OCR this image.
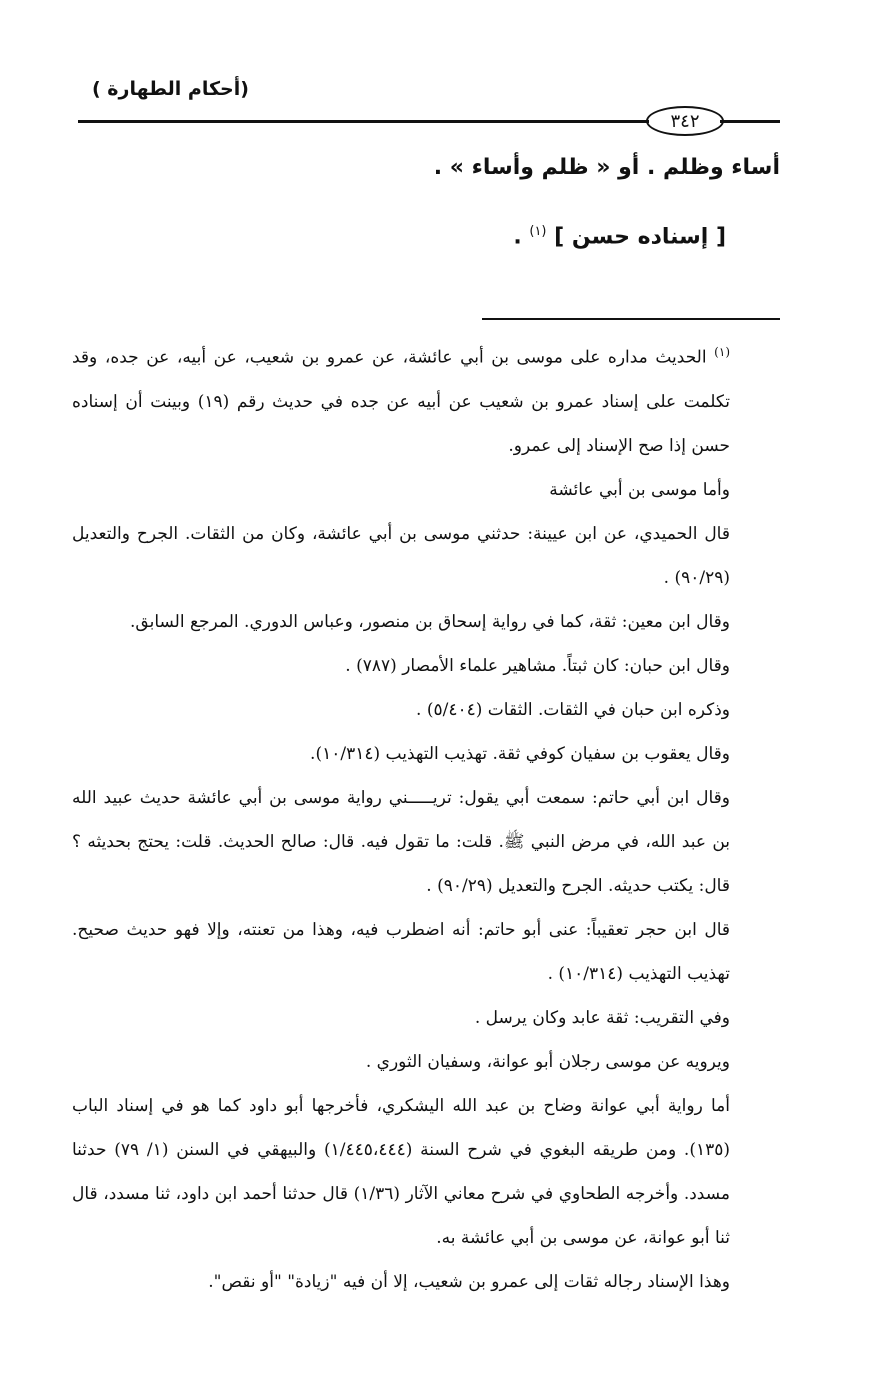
(أحكام الطهارة )
٣٤٢
أساء وظلم . أو « ظلم وأساء » .
[ إسناده حسن ] $^{(١)}$ .

$^{(١)}$ الحديث مداره على موسى بن أبي عائشة، عن عمرو بن شعيب، عن أبيه، عن جده، وقد تكلمت على إسناد عمرو بن شعيب عن أبيه عن جده في حديث رقم (١٩) وبينت أن إسناده حسن إذا صح الإسناد إلى عمرو.

وأما موسى بن أبي عائشة

قال الحميدي، عن ابن عيينة: حدثني موسى بن أبي عائشة، وكان من الثقات. الجرح والتعديل (٩٠/٢٩) .

وقال ابن معين: ثقة، كما في رواية إسحاق بن منصور، وعباس الدوري. المرجع السابق.

وقال ابن حبان: كان ثبتاً. مشاهير علماء الأمصار (٧٨٧) .

وذكره ابن حبان في الثقات. الثقات (٥/٤٠٤) .

وقال يعقوب بن سفيان كوفي ثقة. تهذيب التهذيب (١٠/٣١٤).

وقال ابن أبي حاتم: سمعت أبي يقول: تريـــــني رواية موسى بن أبي عائشة حديث عبيد الله بن عبد الله، في مرض النبي ﷺ. قلت: ما تقول فيه. قال: صالح الحديث. قلت: يحتج بحديثه ؟ قال: يكتب حديثه. الجرح والتعديل (٩٠/٢٩) .

قال ابن حجر تعقيباً: عنى أبو حاتم: أنه اضطرب فيه، وهذا من تعنته، وإلا فهو حديث صحيح. تهذيب التهذيب (١٠/٣١٤) .

وفي التقريب: ثقة عابد وكان يرسل .

ويرويه عن موسى رجلان أبو عوانة، وسفيان الثوري .

أما رواية أبي عوانة وضاح بن عبد الله اليشكري، فأخرجها أبو داود كما هو في إسناد الباب (١٣٥). ومن طريقه البغوي في شرح السنة (١/٤٤٥،٤٤٤) والبيهقي في السنن (١/ ٧٩) حدثنا مسدد. وأخرجه الطحاوي في شرح معاني الآثار (١/٣٦) قال حدثنا أحمد ابن داود، ثنا مسدد، قال ثنا أبو عوانة، عن موسى بن أبي عائشة به.

وهذا الإسناد رجاله ثقات إلى عمرو بن شعيب، إلا أن فيه "زيادة" "أو نقص".
